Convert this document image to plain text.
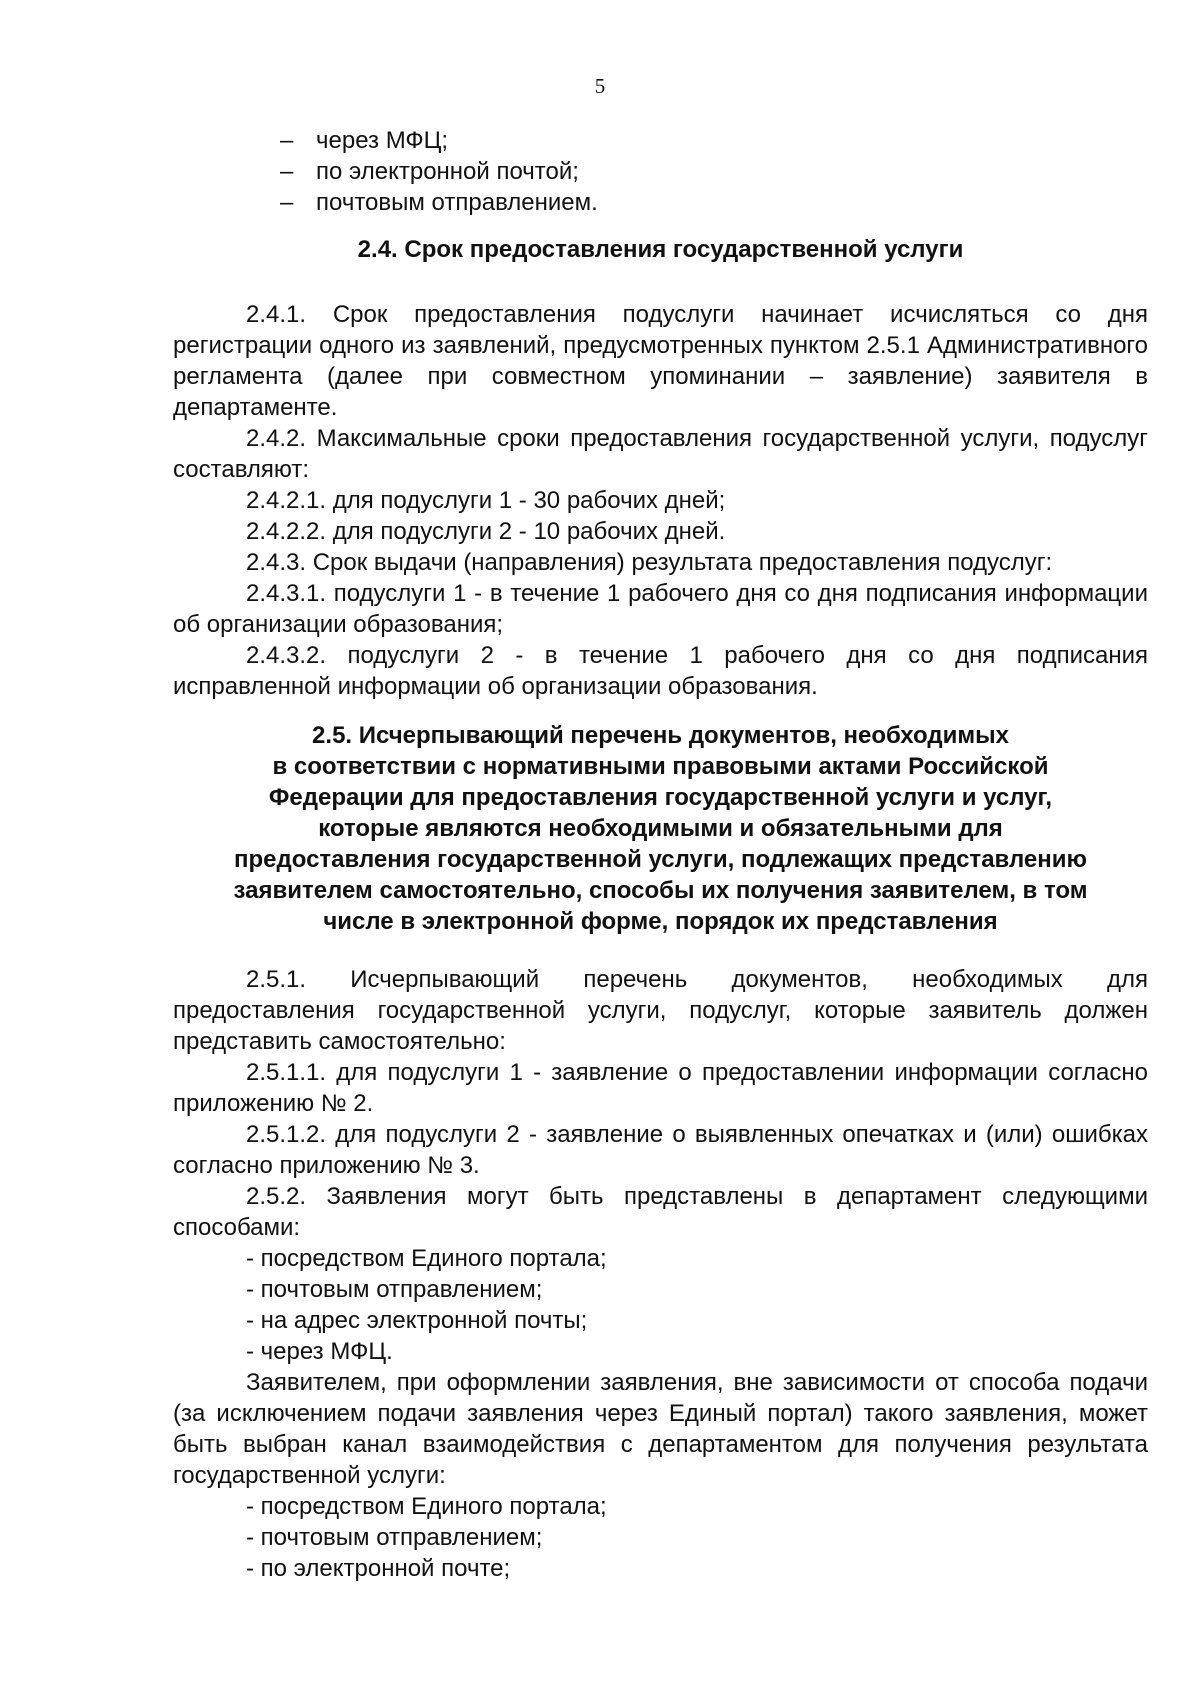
5
– через МФЦ;
– по электронной почтой;
– почтовым отправлением.
2.4. Срок предоставления государственной услуги
2.4.1. Срок предоставления подуслуги начинает исчисляться со дня регистрации одного из заявлений, предусмотренных пунктом 2.5.1 Административного регламента (далее при совместном упоминании – заявление) заявителя в департаменте.
2.4.2. Максимальные сроки предоставления государственной услуги, подуслуг составляют:
2.4.2.1. для подуслуги 1 - 30 рабочих дней;
2.4.2.2. для подуслуги 2 - 10 рабочих дней.
2.4.3. Срок выдачи (направления) результата предоставления подуслуг:
2.4.3.1. подуслуги 1 - в течение 1 рабочего дня со дня подписания информации об организации образования;
2.4.3.2. подуслуги 2 - в течение 1 рабочего дня со дня подписания исправленной информации об организации образования.
2.5. Исчерпывающий перечень документов, необходимых
в соответствии с нормативными правовыми актами Российской
Федерации для предоставления государственной услуги и услуг,
которые являются необходимыми и обязательными для
предоставления государственной услуги, подлежащих представлению
заявителем самостоятельно, способы их получения заявителем, в том
числе в электронной форме, порядок их представления
2.5.1. Исчерпывающий перечень документов, необходимых для предоставления государственной услуги, подуслуг, которые заявитель должен представить самостоятельно:
2.5.1.1. для подуслуги 1 - заявление о предоставлении информации согласно приложению № 2.
2.5.1.2. для подуслуги 2 - заявление о выявленных опечатках и (или) ошибках согласно приложению № 3.
2.5.2. Заявления могут быть представлены в департамент следующими способами:
- посредством Единого портала;
- почтовым отправлением;
- на адрес электронной почты;
- через МФЦ.
Заявителем, при оформлении заявления, вне зависимости от способа подачи (за исключением подачи заявления через Единый портал) такого заявления, может быть выбран канал взаимодействия с департаментом для получения результата государственной услуги:
- посредством Единого портала;
- почтовым отправлением;
- по электронной почте;
